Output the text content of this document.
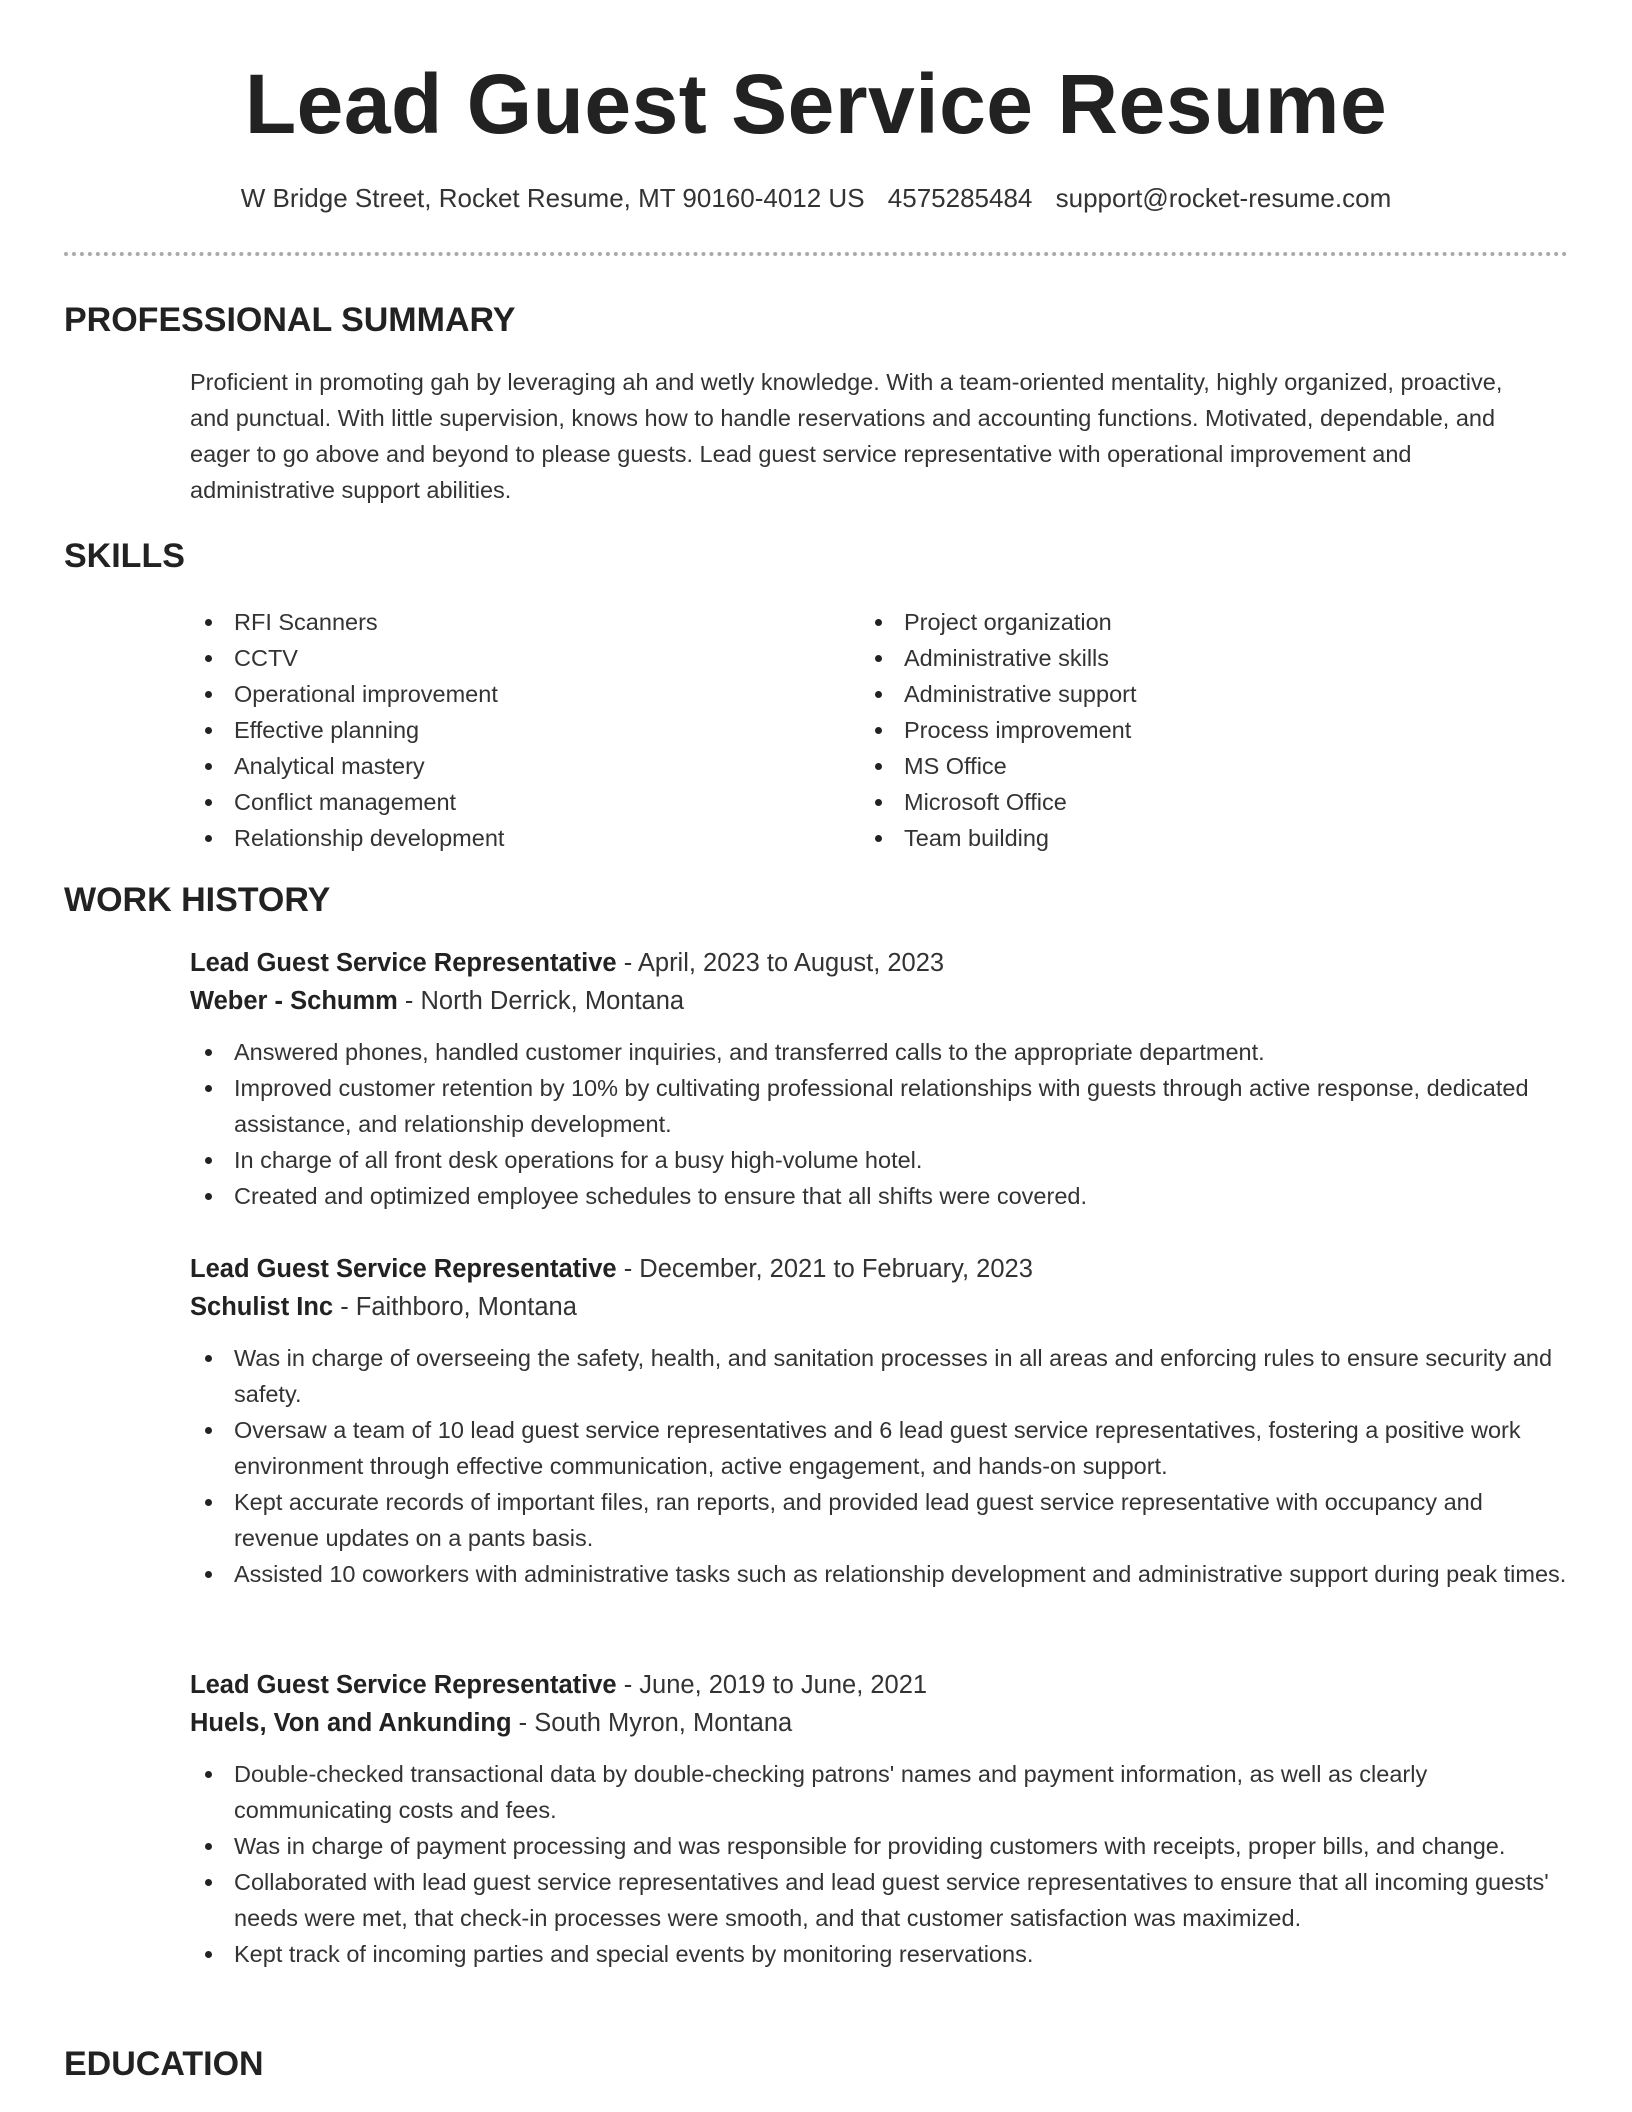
Lead Guest Service Resume
W Bridge Street, Rocket Resume, MT 90160-4012 US 4575285484 support@rocket-resume.com
PROFESSIONAL SUMMARY

Proficient in promoting gah by leveraging ah and wetly knowledge. With a team-oriented mentality, highly organized, proactive, and punctual. With little supervision, knows how to handle reservations and accounting functions. Motivated, dependable, and eager to go above and beyond to please guests. Lead guest service representative with operational improvement and administrative support abilities.

SKILLS
RFI Scanners
CCTV
Operational improvement
Effective planning
Analytical mastery
Conflict management
Relationship development
Project organization
Administrative skills
Administrative support
Process improvement
MS Office
Microsoft Office
Team building
WORK HISTORY

Lead Guest Service Representative - April, 2023 to August, 2023

Weber - Schumm - North Derrick, Montana

Answered phones, handled customer inquiries, and transferred calls to the appropriate department.
Improved customer retention by 10% by cultivating professional relationships with guests through active response, dedicated assistance, and relationship development.
In charge of all front desk operations for a busy high-volume hotel.
Created and optimized employee schedules to ensure that all shifts were covered.

Lead Guest Service Representative - December, 2021 to February, 2023

Schulist Inc - Faithboro, Montana

Was in charge of overseeing the safety, health, and sanitation processes in all areas and enforcing rules to ensure security and safety.
Oversaw a team of 10 lead guest service representatives and 6 lead guest service representatives, fostering a positive work environment through effective communication, active engagement, and hands-on support.
Kept accurate records of important files, ran reports, and provided lead guest service representative with occupancy and revenue updates on a pants basis.
Assisted 10 coworkers with administrative tasks such as relationship development and administrative support during peak times.

Lead Guest Service Representative - June, 2019 to June, 2021

Huels, Von and Ankunding - South Myron, Montana

Double-checked transactional data by double-checking patrons' names and payment information, as well as clearly communicating costs and fees.
Was in charge of payment processing and was responsible for providing customers with receipts, proper bills, and change.
Collaborated with lead guest service representatives and lead guest service representatives to ensure that all incoming guests' needs were met, that check-in processes were smooth, and that customer satisfaction was maximized.
Kept track of incoming parties and special events by monitoring reservations.
EDUCATION
